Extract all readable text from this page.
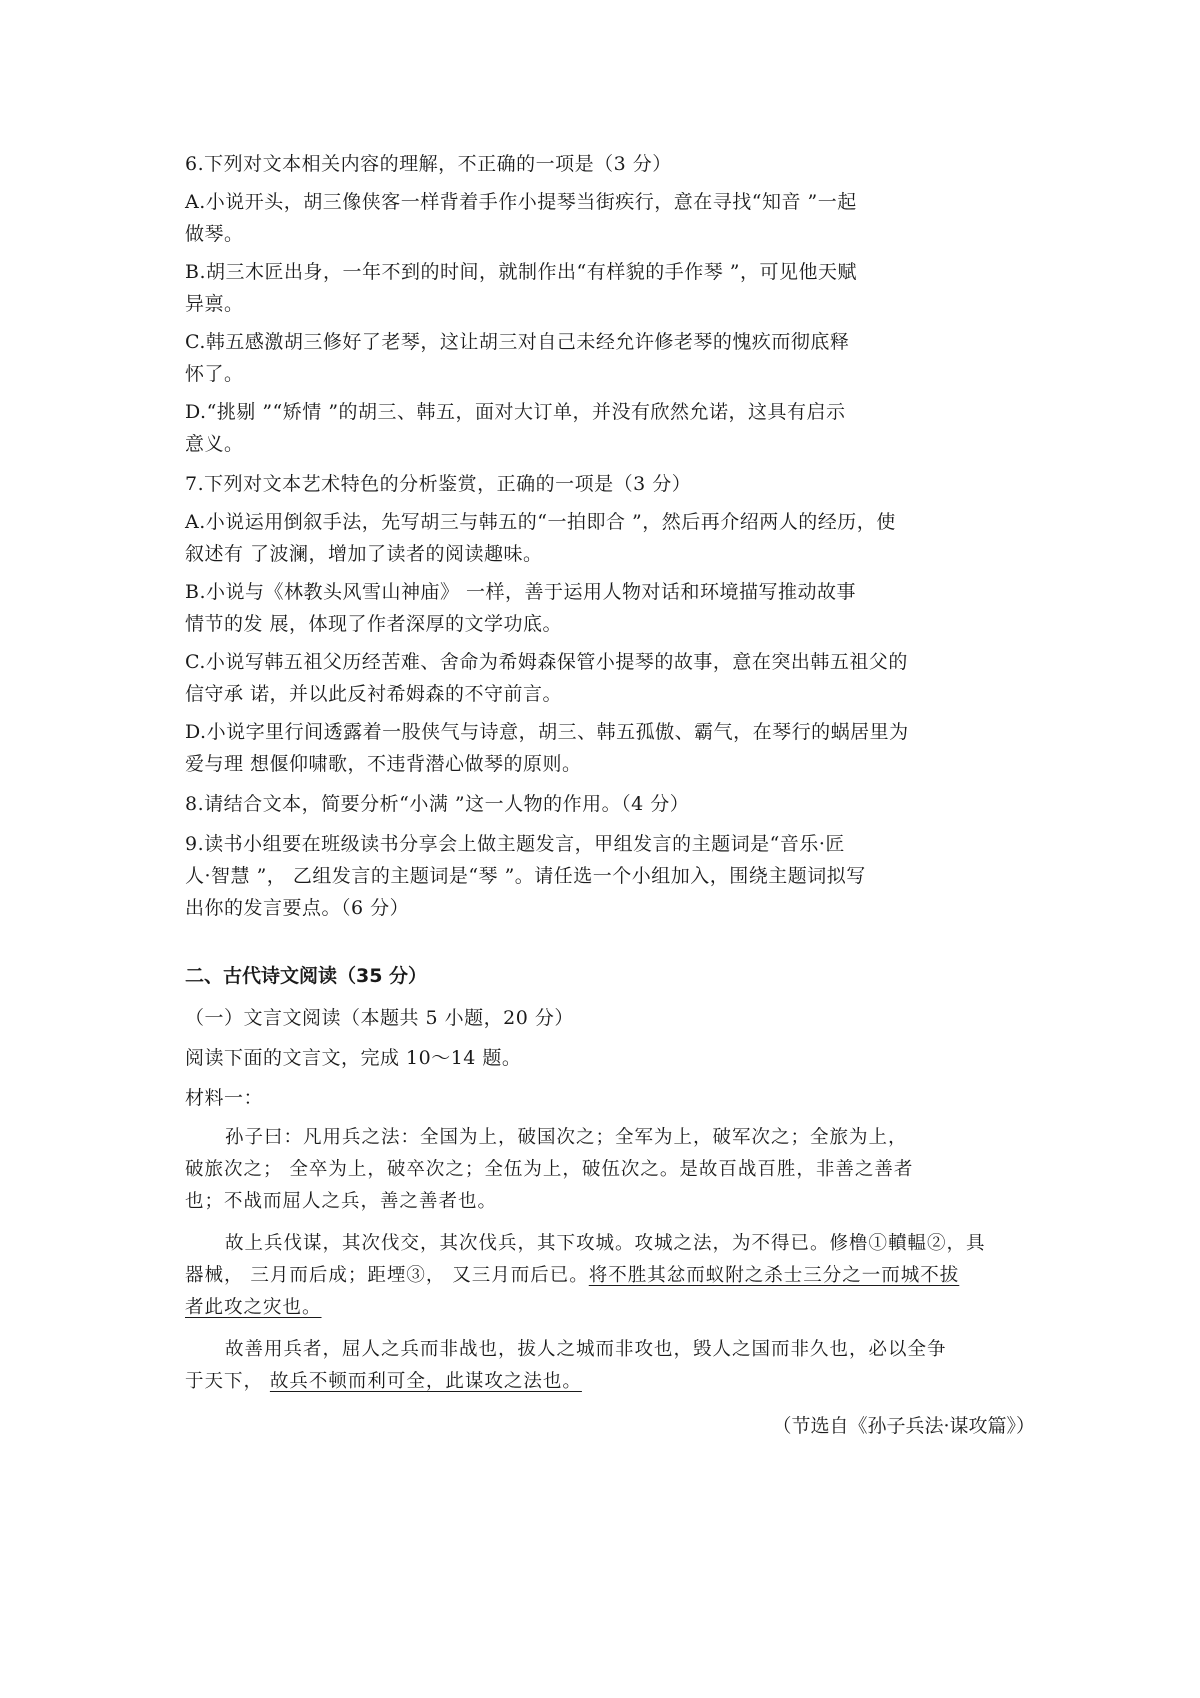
6.下列对文本相关内容的理解，不正确的一项是（3 分）
A.小说开头，胡三像侠客一样背着手作小提琴当街疾行，意在寻找“知音 ”一起
做琴。
B.胡三木匠出身，一年不到的时间，就制作出“有样貌的手作琴 ”，可见他天赋
异禀。
C.韩五感激胡三修好了老琴，这让胡三对自己未经允许修老琴的愧疚而彻底释
怀了。
D.“挑剔 ”“矫情 ”的胡三、韩五，面对大订单，并没有欣然允诺，这具有启示
意义。
7.下列对文本艺术特色的分析鉴赏，正确的一项是（3 分）
A.小说运用倒叙手法，先写胡三与韩五的“一拍即合 ”，然后再介绍两人的经历，使
叙述有 了波澜，增加了读者的阅读趣味。
B.小说与《林教头风雪山神庙》 一样，善于运用人物对话和环境描写推动故事
情节的发 展，体现了作者深厚的文学功底。
C.小说写韩五祖父历经苦难、舍命为希姆森保管小提琴的故事，意在突出韩五祖父的
信守承 诺，并以此反衬希姆森的不守前言。
D.小说字里行间透露着一股侠气与诗意，胡三、韩五孤傲、霸气，在琴行的蜗居里为
爱与理 想偃仰啸歌，不违背潜心做琴的原则。
8.请结合文本，简要分析“小满 ”这一人物的作用。（4 分）
9.读书小组要在班级读书分享会上做主题发言，甲组发言的主题词是“音乐·匠
人·智慧 ”， 乙组发言的主题词是“琴 ”。请任选一个小组加入，围绕主题词拟写
出你的发言要点。（6 分）
二、古代诗文阅读（35 分）
（一）文言文阅读（本题共 5 小题，20 分）
阅读下面的文言文，完成 10～14 题。
材料一：
孙子曰：凡用兵之法：全国为上，破国次之；全军为上，破军次之；全旅为上，
破旅次之； 全卒为上，破卒次之；全伍为上，破伍次之。是故百战百胜，非善之善者
也；不战而屈人之兵，善之善者也。
故上兵伐谋，其次伐交，其次伐兵，其下攻城。攻城之法，为不得已。修橹①轒輼②，具
器械， 三月而后成；距堙③， 又三月而后已。将不胜其忿而蚁附之杀士三分之一而城不拔
者此攻之灾也。
故善用兵者，屈人之兵而非战也，拔人之城而非攻也，毁人之国而非久也，必以全争
于天下， 故兵不顿而利可全，此谋攻之法也。
（节选自《孙子兵法·谋攻篇》）
